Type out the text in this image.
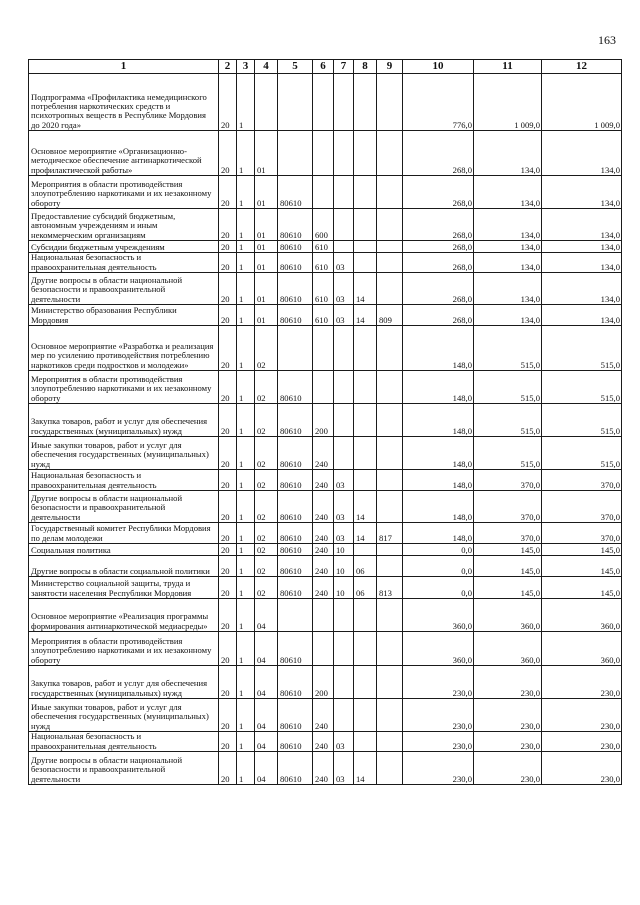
163
1	2	3	4	5	6	7	8	9	10	11	12
Подпрограмма «Профилактика немедицинского потребления наркотических средств и психотропных веществ в Республике Мордовия до 2020 года»	20	1							776,0	1 009,0	1 009,0
Основное мероприятие «Организационно-методическое обеспечение антинаркотической профилактической работы»	20	1	01						268,0	134,0	134,0
Мероприятия в области противодействия злоупотреблению наркотиками и их незаконному обороту	20	1	01	80610					268,0	134,0	134,0
Предоставление субсидий бюджетным, автономным учреждениям и иным некоммерческим организациям	20	1	01	80610	600				268,0	134,0	134,0
Субсидии бюджетным учреждениям	20	1	01	80610	610				268,0	134,0	134,0
Национальная безопасность и правоохранительная деятельность	20	1	01	80610	610	03			268,0	134,0	134,0
Другие вопросы в области национальной безопасности и правоохранительной деятельности	20	1	01	80610	610	03	14		268,0	134,0	134,0
Министерство образования Республики Мордовия	20	1	01	80610	610	03	14	809	268,0	134,0	134,0
Основное мероприятие «Разработка и реализация мер по усилению противодействия потреблению наркотиков среди подростков и молодежи»	20	1	02						148,0	515,0	515,0
Мероприятия в области противодействия злоупотреблению наркотиками и их незаконному обороту	20	1	02	80610					148,0	515,0	515,0
Закупка товаров, работ и услуг для обеспечения государственных (муниципальных) нужд	20	1	02	80610	200				148,0	515,0	515,0
Иные закупки товаров, работ и услуг для обеспечения государственных (муниципальных) нужд	20	1	02	80610	240				148,0	515,0	515,0
Национальная безопасность и правоохранительная деятельность	20	1	02	80610	240	03			148,0	370,0	370,0
Другие вопросы в области национальной безопасности и правоохранительной деятельности	20	1	02	80610	240	03	14		148,0	370,0	370,0
Государственный комитет Республики Мордовия по делам молодежи	20	1	02	80610	240	03	14	817	148,0	370,0	370,0
Социальная политика	20	1	02	80610	240	10			0,0	145,0	145,0
Другие вопросы в области социальной политики	20	1	02	80610	240	10	06		0,0	145,0	145,0
Министерство социальной защиты, труда и занятости населения Республики Мордовия	20	1	02	80610	240	10	06	813	0,0	145,0	145,0
Основное мероприятие «Реализация программы формирования антинаркотической медиасреды»	20	1	04						360,0	360,0	360,0
Мероприятия в области противодействия злоупотреблению наркотиками и их незаконному обороту	20	1	04	80610					360,0	360,0	360,0
Закупка товаров, работ и услуг для обеспечения государственных (муниципальных) нужд	20	1	04	80610	200				230,0	230,0	230,0
Иные закупки товаров, работ и услуг для обеспечения государственных (муниципальных) нужд	20	1	04	80610	240				230,0	230,0	230,0
Национальная безопасность и правоохранительная деятельность	20	1	04	80610	240	03			230,0	230,0	230,0
Другие вопросы в области национальной безопасности и правоохранительной деятельности	20	1	04	80610	240	03	14		230,0	230,0	230,0
